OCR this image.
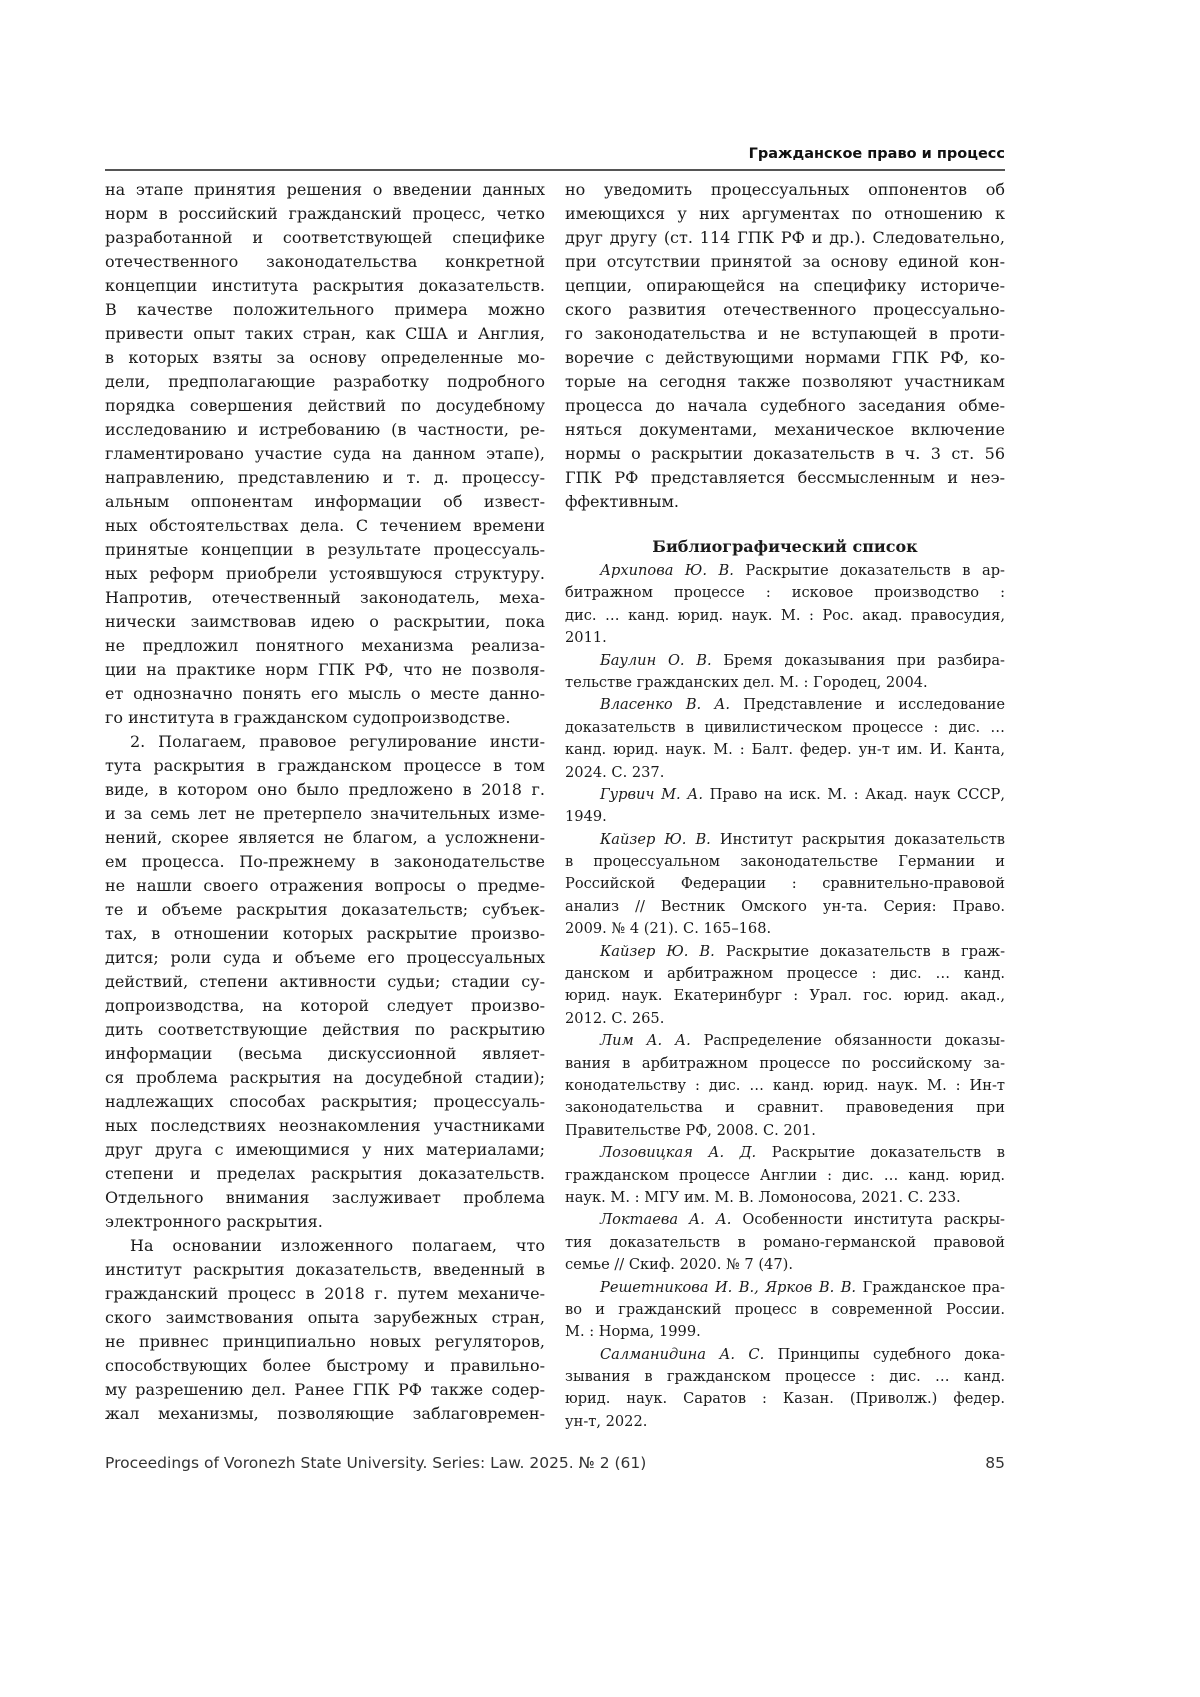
Гражданское право и процесс
на этапе принятия решения о введении данных
норм в российский гражданский процесс, четко
разработанной и соответствующей специфике
отечественного законодательства конкретной
концепции института раскрытия доказательств.
В качестве положительного примера можно
привести опыт таких стран, как США и Англия,
в которых взяты за основу определенные мо-
дели, предполагающие разработку подробного
порядка совершения действий по досудебному
исследованию и истребованию (в частности, ре-
гламентировано участие суда на данном этапе),
направлению, представлению и т. д. процессу-
альным оппонентам информации об извест-
ных обстоятельствах дела. С течением времени
принятые концепции в результате процессуаль-
ных реформ приобрели устоявшуюся структуру.
Напротив, отечественный законодатель, меха-
нически заимствовав идею о раскрытии, пока
не предложил понятного механизма реализа-
ции на практике норм ГПК РФ, что не позволя-
ет однозначно понять его мысль о месте данно-
го института в гражданском судопроизводстве.
2. Полагаем, правовое регулирование инсти-
тута раскрытия в гражданском процессе в том
виде, в котором оно было предложено в 2018 г.
и за семь лет не претерпело значительных изме-
нений, скорее является не благом, а усложнени-
ем процесса. По-прежнему в законодательстве
не нашли своего отражения вопросы о предме-
те и объеме раскрытия доказательств; субъек-
тах, в отношении которых раскрытие произво-
дится; роли суда и объеме его процессуальных
действий, степени активности судьи; стадии су-
допроизводства, на которой следует произво-
дить соответствующие действия по раскрытию
информации (весьма дискуссионной являет-
ся проблема раскрытия на досудебной стадии);
надлежащих способах раскрытия; процессуаль-
ных последствиях неознакомления участниками
друг друга с имеющимися у них материалами;
степени и пределах раскрытия доказательств.
Отдельного внимания заслуживает проблема
электронного раскрытия.
На основании изложенного полагаем, что
институт раскрытия доказательств, введенный в
гражданский процесс в 2018 г. путем механиче-
ского заимствования опыта зарубежных стран,
не привнес принципиально новых регуляторов,
способствующих более быстрому и правильно-
му разрешению дел. Ранее ГПК РФ также содер-
жал механизмы, позволяющие заблаговремен-
но уведомить процессуальных оппонентов об
имеющихся у них аргументах по отношению к
друг другу (ст. 114 ГПК РФ и др.). Следовательно,
при отсутствии принятой за основу единой кон-
цепции, опирающейся на специфику историче-
ского развития отечественного процессуально-
го законодательства и не вступающей в проти-
воречие с действующими нормами ГПК РФ, ко-
торые на сегодня также позволяют участникам
процесса до начала судебного заседания обме-
няться документами, механическое включение
нормы о раскрытии доказательств в ч. 3 ст. 56
ГПК РФ представляется бессмысленным и неэ-
ффективным.
Библиографический список
Архипова Ю. В. Раскрытие доказательств в ар-
битражном процессе : исковое производство :
дис. … канд. юрид. наук. М. : Рос. акад. правосудия,
2011.
Баулин О. В. Бремя доказывания при разбира-
тельстве гражданских дел. М. : Городец, 2004.
Власенко В. А. Представление и исследование
доказательств в цивилистическом процессе : дис. …
канд. юрид. наук. М. : Балт. федер. ун-т им. И. Канта,
2024. С. 237.
Гурвич М. А. Право на иск. М. : Акад. наук СССР,
1949.
Кайзер Ю. В. Институт раскрытия доказательств
в процессуальном законодательстве Германии и
Российской Федерации : сравнительно-правовой
анализ // Вестник Омского ун-та. Серия: Право.
2009. № 4 (21). С. 165–168.
Кайзер Ю. В. Раскрытие доказательств в граж-
данском и арбитражном процессе : дис. … канд.
юрид. наук. Екатеринбург : Урал. гос. юрид. акад.,
2012. С. 265.
Лим А. А. Распределение обязанности доказы-
вания в арбитражном процессе по российскому за-
конодательству : дис. … канд. юрид. наук. М. : Ин-т
законодательства и сравнит. правоведения при
Правительстве РФ, 2008. С. 201.
Лозовицкая А. Д. Раскрытие доказательств в
гражданском процессе Англии : дис. … канд. юрид.
наук. М. : МГУ им. М. В. Ломоносова, 2021. С. 233.
Локтаева А. А. Особенности института раскры-
тия доказательств в романо-германской правовой
семье // Скиф. 2020. № 7 (47).
Решетникова И. В., Ярков В. В. Гражданское пра-
во и гражданский процесс в современной России.
М. : Норма, 1999.
Салманидина А. С. Принципы судебного дока-
зывания в гражданском процессе : дис. … канд.
юрид. наук. Саратов : Казан. (Приволж.) федер.
ун-т, 2022.
Proceedings of Voronezh State University. Series: Law. 2025. № 2 (61)	85
